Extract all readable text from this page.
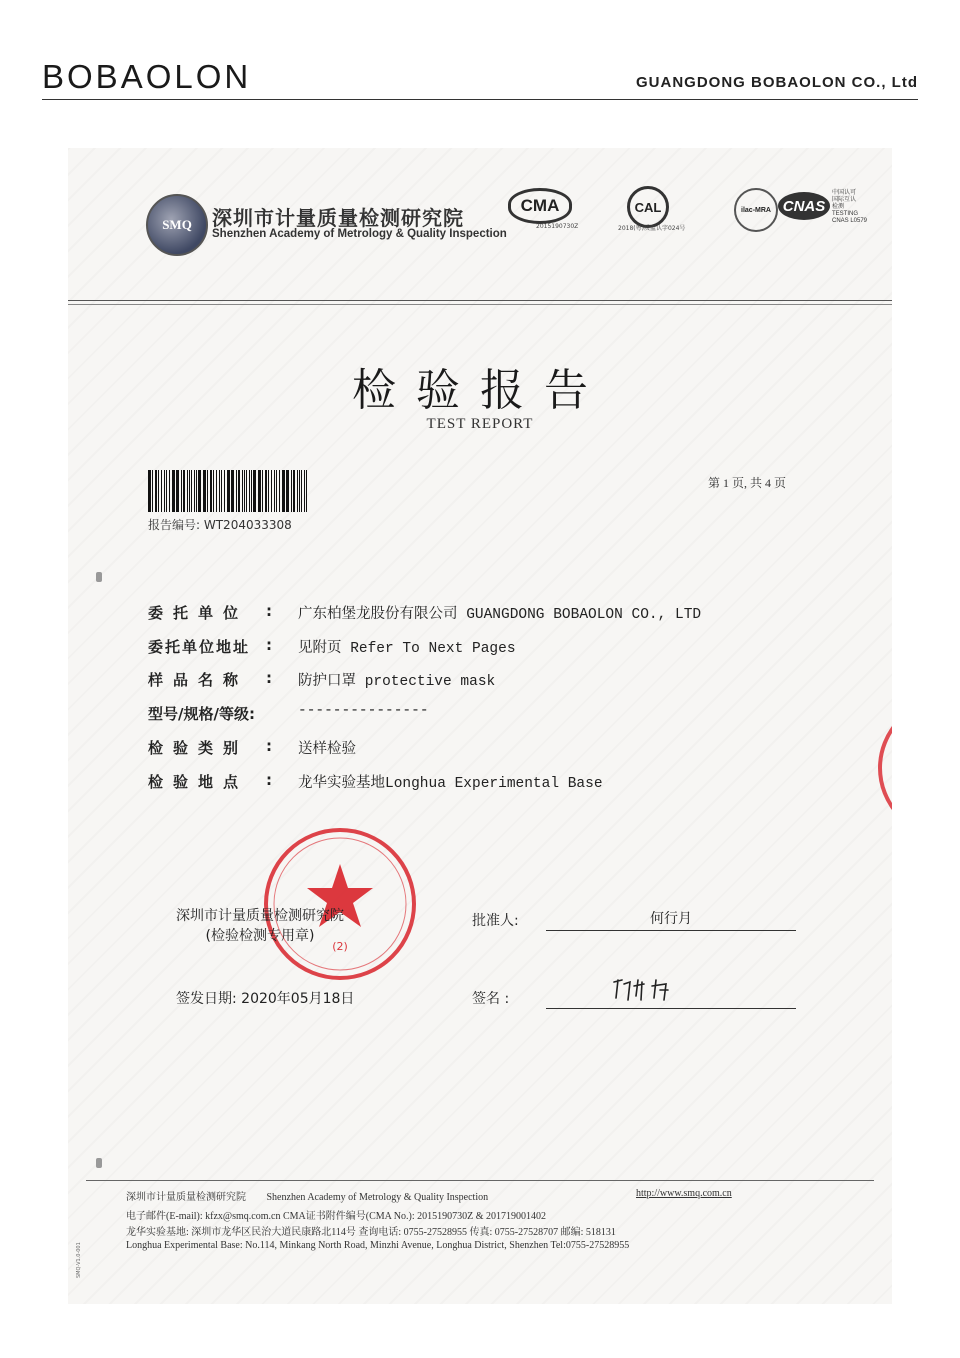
BOBAOLON	GUANGDONG BOBAOLON CO., Ltd
SMQ	深圳市计量质量检测研究院
Shenzhen Academy of Metrology & Quality Inspection
CMA
2015190730Z
CAL
2018(粤)质监认字024号
ilac-MRA CNAS
中国认可
国际互认
检测
TESTING
CNAS L0579
检验报告
TEST REPORT
报告编号: WT204033308
第 1 页, 共 4 页
委托单位	: 广东柏堡龙股份有限公司 GUANGDONG BOBAOLON CO., LTD
委托单位地址	: 见附页 Refer To Next Pages
样品名称	: 防护口罩 protective mask
型号/规格/等级:	---------------
检验类别	: 送样检验
检验地点	: 龙华实验基地Longhua Experimental Base
(2)
深圳市计量质量检测研究院
(检验检测专用章)
批准人:	何行月
签发日期: 2020年05月18日	签名 :
深圳市计量质量检测研究院 Shenzhen Academy of Metrology & Quality Inspection	http://www.smq.com.cn
电子邮件(E-mail): kfzx@smq.com.cn CMA证书附件编号(CMA No.): 2015190730Z & 201719001402
龙华实验基地: 深圳市龙华区民治大道民康路北114号 查询电话: 0755-27528955 传真: 0755-27528707 邮编: 518131
Longhua Experimental Base: No.114, Minkang North Road, Minzhi Avenue, Longhua District, Shenzhen Tel:0755-27528955
SMQ-V1.0-001
